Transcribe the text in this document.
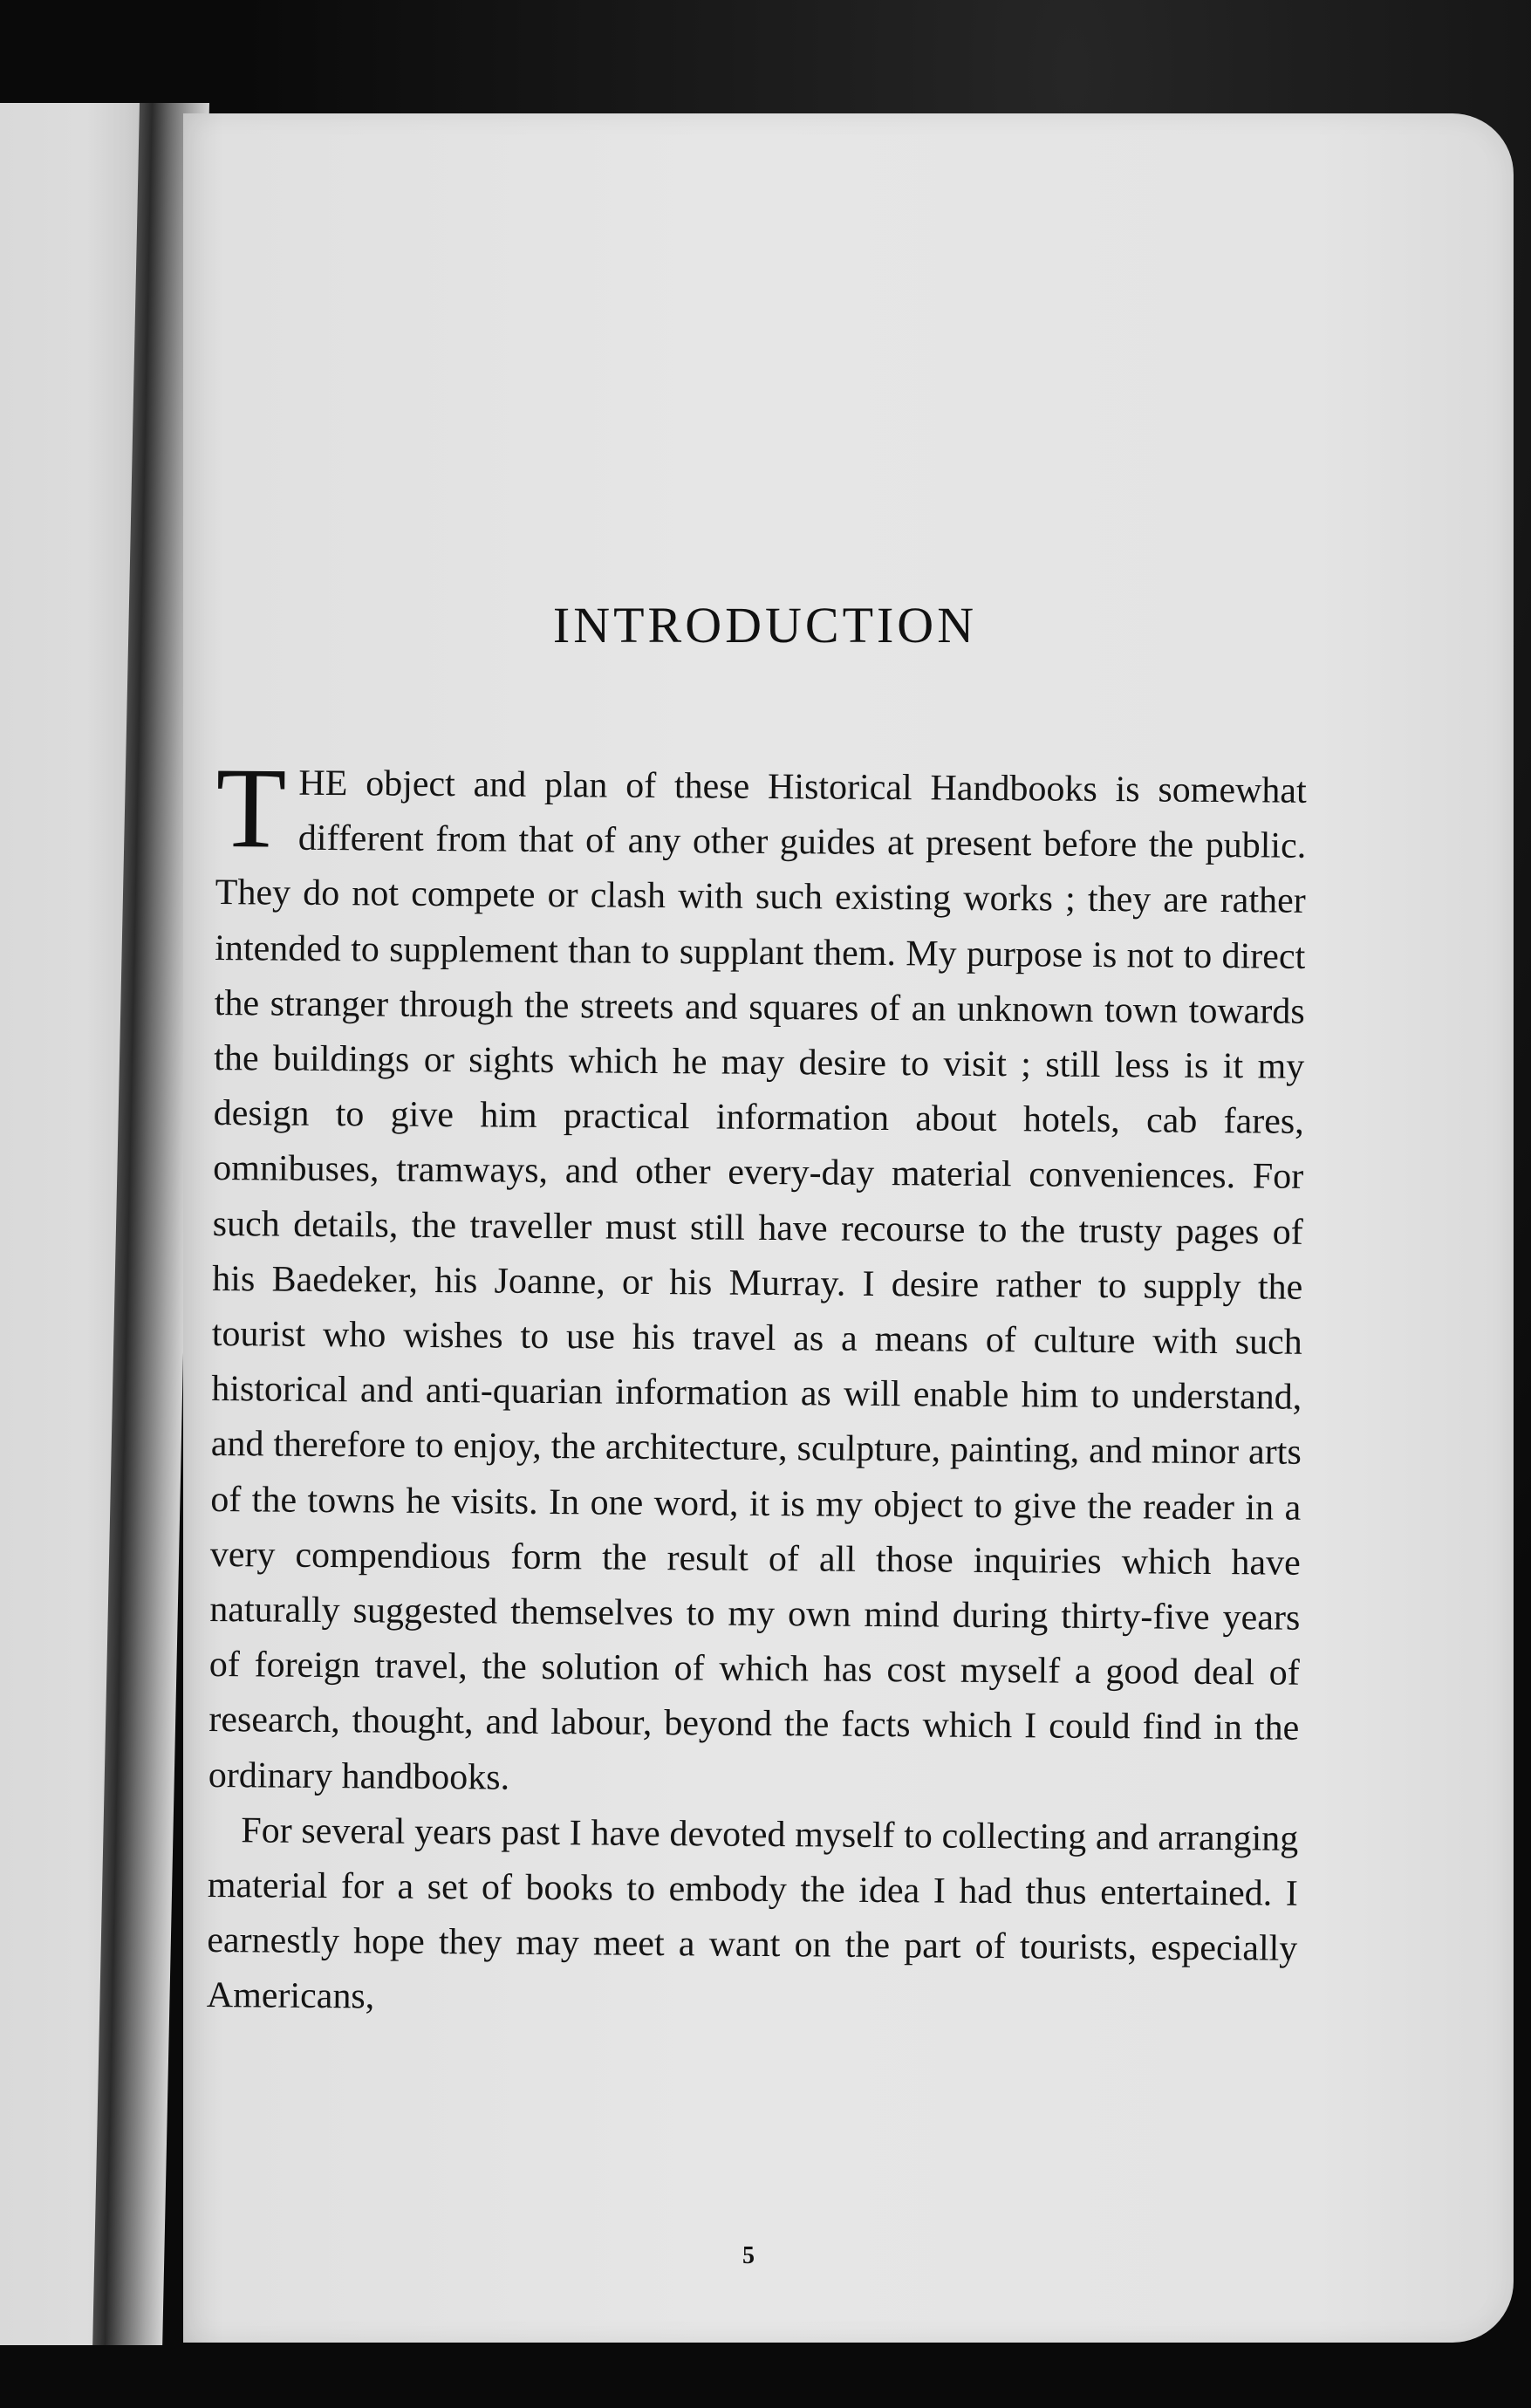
INTRODUCTION

THE object and plan of these Historical Handbooks is somewhat different from that of any other guides at present before the public. They do not compete or clash with such existing works ; they are rather intended to supplement than to supplant them. My purpose is not to direct the stranger through the streets and squares of an unknown town towards the buildings or sights which he may desire to visit ; still less is it my design to give him practical information about hotels, cab fares, omnibuses, tramways, and other every-day material conveniences. For such details, the traveller must still have recourse to the trusty pages of his Baedeker, his Joanne, or his Murray. I desire rather to supply the tourist who wishes to use his travel as a means of culture with such historical and anti-quarian information as will enable him to understand, and therefore to enjoy, the architecture, sculpture, painting, and minor arts of the towns he visits. In one word, it is my object to give the reader in a very compendious form the result of all those inquiries which have naturally suggested themselves to my own mind during thirty-five years of foreign travel, the solution of which has cost myself a good deal of research, thought, and labour, beyond the facts which I could find in the ordinary handbooks.

For several years past I have devoted myself to collecting and arranging material for a set of books to embody the idea I had thus entertained. I earnestly hope they may meet a want on the part of tourists, especially Americans,

5
